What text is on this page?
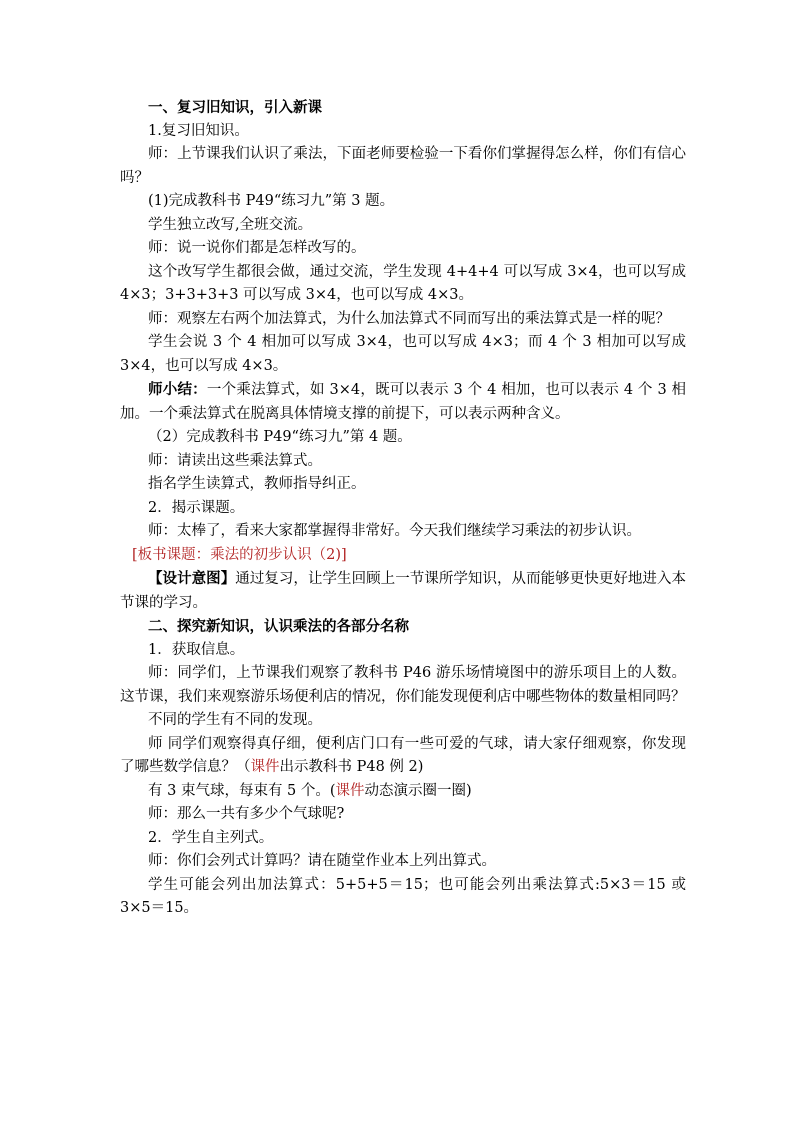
一、复习旧知识，引入新课

1.复习旧知识。

师：上节课我们认识了乘法，下面老师要检验一下看你们掌握得怎么样，你们有信心吗？

(1)完成教科书 P49“练习九”第 3 题。

学生独立改写,全班交流。

师：说一说你们都是怎样改写的。

这个改写学生都很会做，通过交流，学生发现 4+4+4 可以写成 3×4，也可以写成 4×3；3+3+3+3 可以写成 3×4，也可以写成 4×3。

师：观察左右两个加法算式，为什么加法算式不同而写出的乘法算式是一样的呢？

学生会说 3 个 4 相加可以写成 3×4，也可以写成 4×3；而 4 个 3 相加可以写成 3×4，也可以写成 4×3。

师小结：一个乘法算式，如 3×4，既可以表示 3 个 4 相加，也可以表示 4 个 3 相加。一个乘法算式在脱离具体情境支撑的前提下，可以表示两种含义。

（2）完成教科书 P49“练习九”第 4 题。

师：请读出这些乘法算式。

指名学生读算式，教师指导纠正。

2．揭示课题。

师：太棒了，看来大家都掌握得非常好。今天我们继续学习乘法的初步认识。

[板书课题：乘法的初步认识（2)]

【设计意图】通过复习，让学生回顾上一节课所学知识，从而能够更快更好地进入本节课的学习。

二、探究新知识，认识乘法的各部分名称

1．获取信息。

师：同学们，上节课我们观察了教科书 P46 游乐场情境图中的游乐项目上的人数。这节课，我们来观察游乐场便利店的情况，你们能发现便利店中哪些物体的数量相同吗？

不同的学生有不同的发现。

师 同学们观察得真仔细，便利店门口有一些可爱的气球，请大家仔细观察，你发现了哪些数学信息？（课件出示教科书 P48 例 2)

有 3 束气球，每束有 5 个。(课件动态演示圈一圈)

师：那么一共有多少个气球呢?

2．学生自主列式。

师：你们会列式计算吗？请在随堂作业本上列出算式。

学生可能会列出加法算式：5+5+5＝15；也可能会列出乘法算式:5×3＝15 或 3×5＝15。
